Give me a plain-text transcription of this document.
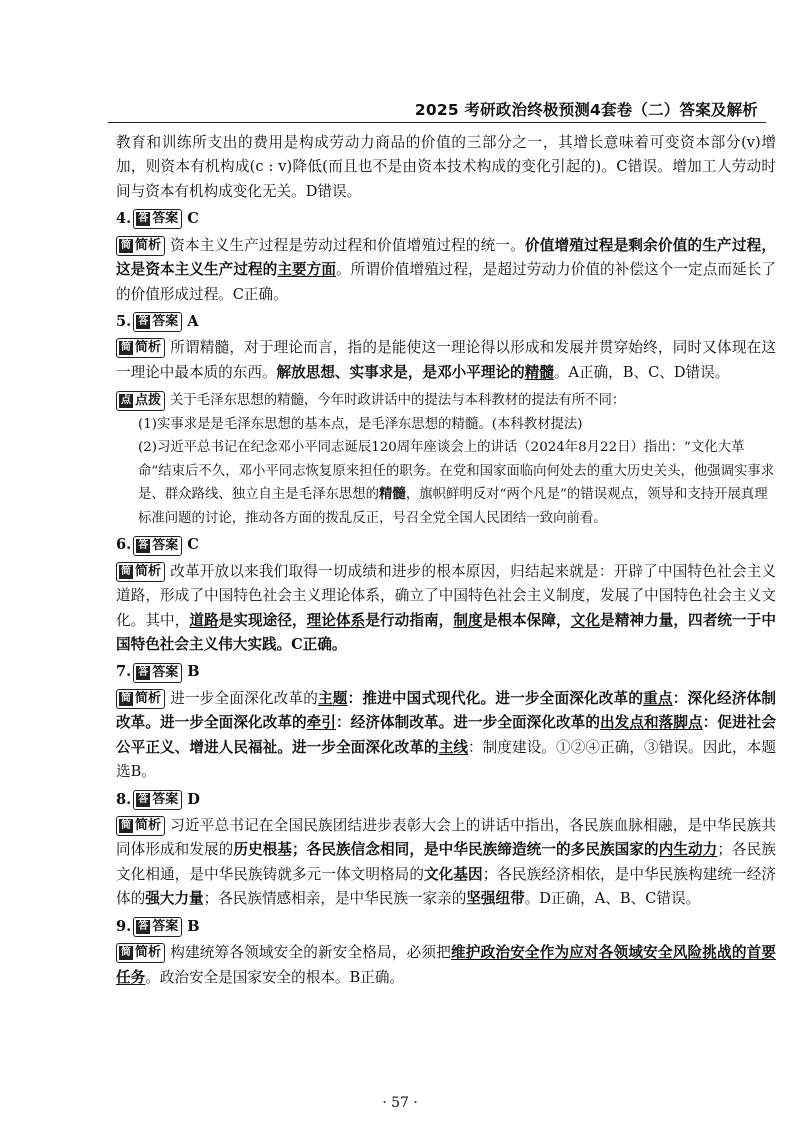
2025 考研政治终极预测4套卷（二）答案及解析

教育和训练所支出的费用是构成劳动力商品的价值的三部分之一，其增长意味着可变资本部分(v)增加，则资本有机构成(c : v)降低(而且也不是由资本技术构成的变化引起的)。C错误。增加工人劳动时间与资本有机构成变化无关。D错误。

4. 答 答案 C

简 简析 资本主义生产过程是劳动过程和价值增殖过程的统一。价值增殖过程是剩余价值的生产过程，这是资本主义生产过程的主要方面。所谓价值增殖过程，是超过劳动力价值的补偿这个一定点而延长了的价值形成过程。C正确。

5. 答 答案 A

简 简析 所谓精髓，对于理论而言，指的是能使这一理论得以形成和发展并贯穿始终，同时又体现在这一理论中最本质的东西。解放思想、实事求是，是邓小平理论的精髓。A正确，B、C、D错误。

点 点拨 关于毛泽东思想的精髓，今年时政讲话中的提法与本科教材的提法有所不同：
(1)实事求是是毛泽东思想的基本点，是毛泽东思想的精髓。(本科教材提法)
(2)习近平总书记在纪念邓小平同志诞辰120周年座谈会上的讲话（2024年8月22日）指出：“文化大革命”结束后不久，邓小平同志恢复原来担任的职务。在党和国家面临向何处去的重大历史关头，他强调实事求是、群众路线、独立自主是毛泽东思想的精髓，旗帜鲜明反对“两个凡是”的错误观点，领导和支持开展真理标准问题的讨论，推动各方面的拨乱反正，号召全党全国人民团结一致向前看。
6. 答 答案 C

简 简析 改革开放以来我们取得一切成绩和进步的根本原因，归结起来就是：开辟了中国特色社会主义道路，形成了中国特色社会主义理论体系，确立了中国特色社会主义制度，发展了中国特色社会主义文化。其中，道路是实现途径，理论体系是行动指南，制度是根本保障，文化是精神力量，四者统一于中国特色社会主义伟大实践。C正确。

7. 答 答案 B

简 简析 进一步全面深化改革的主题：推进中国式现代化。进一步全面深化改革的重点：深化经济体制改革。进一步全面深化改革的牵引：经济体制改革。进一步全面深化改革的出发点和落脚点：促进社会公平正义、增进人民福祉。进一步全面深化改革的主线：制度建设。①②④正确，③错误。因此，本题选B。

8. 答 答案 D

简 简析 习近平总书记在全国民族团结进步表彰大会上的讲话中指出，各民族血脉相融，是中华民族共同体形成和发展的历史根基；各民族信念相同，是中华民族缔造统一的多民族国家的内生动力；各民族文化相通，是中华民族铸就多元一体文明格局的文化基因；各民族经济相依，是中华民族构建统一经济体的强大力量；各民族情感相亲，是中华民族一家亲的坚强纽带。D正确，A、B、C错误。

9. 答 答案 B

简 简析 构建统筹各领域安全的新安全格局，必须把维护政治安全作为应对各领域安全风险挑战的首要任务。政治安全是国家安全的根本。B正确。

· 57 ·
